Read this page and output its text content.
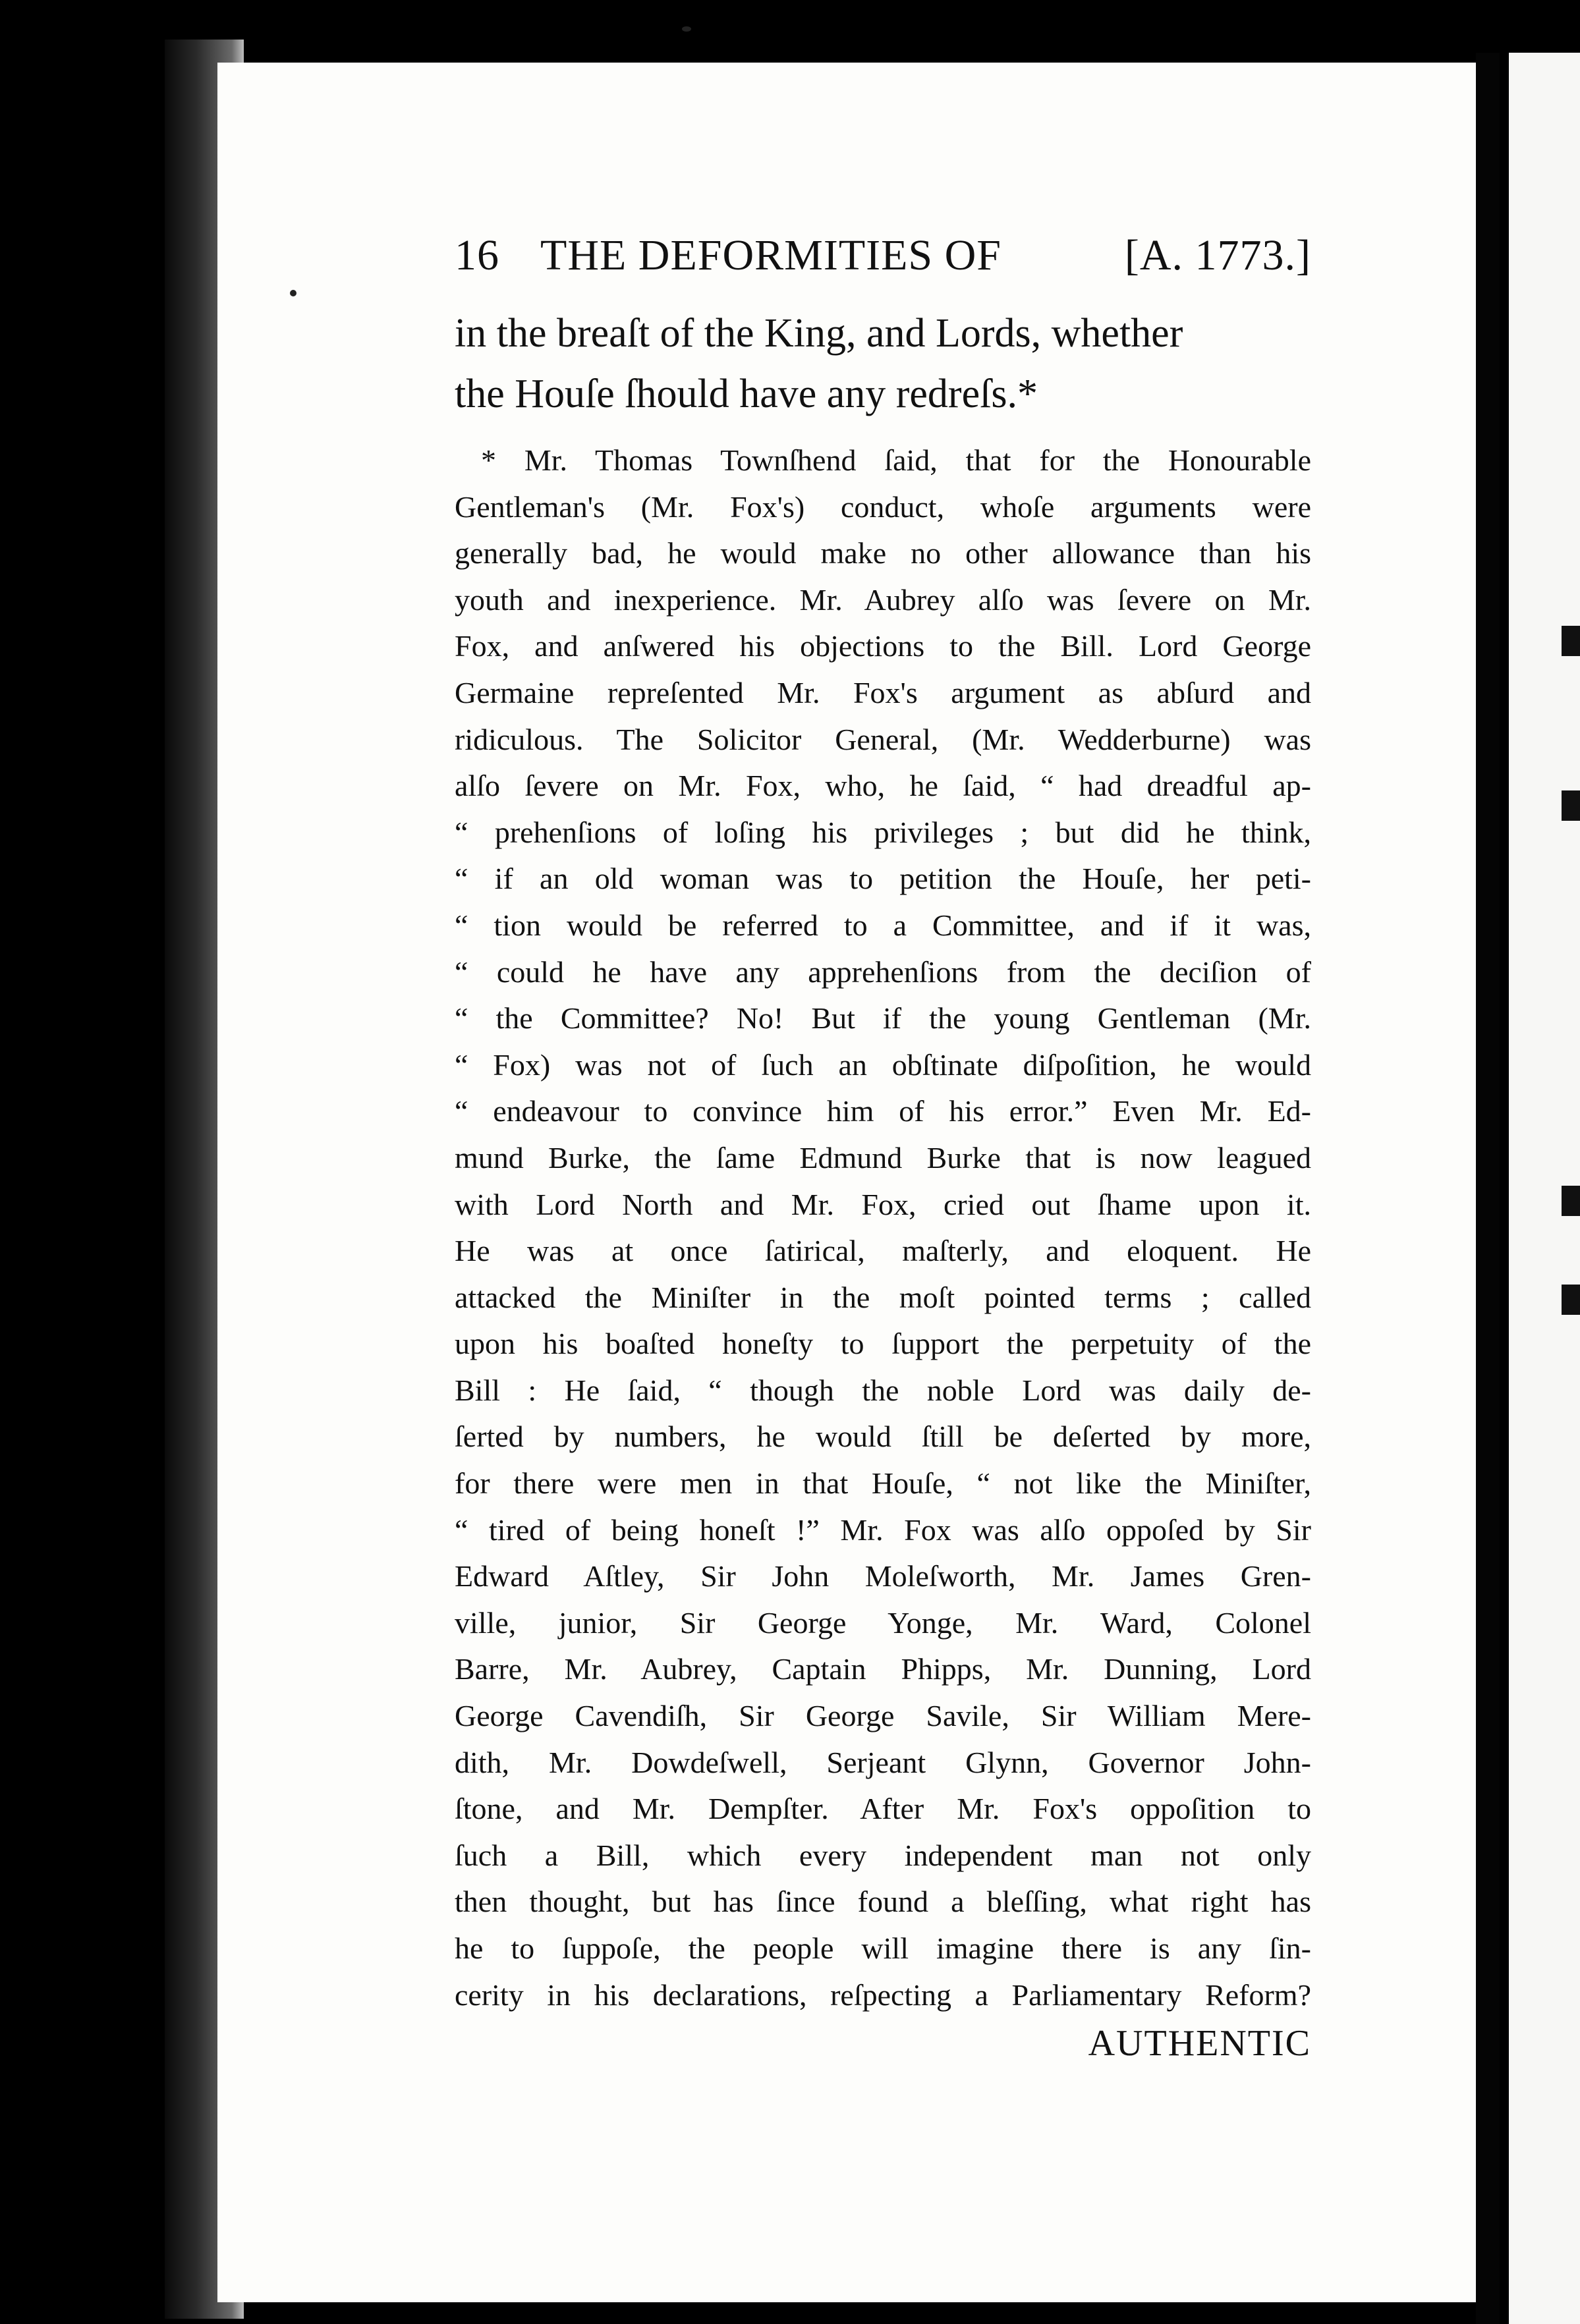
16 THE DEFORMITIES OF	[A. 1773.]
in the breaſt of the King, and Lords, whether
the Houſe ſhould have any redreſs.*
* Mr. Thomas Townſhend ſaid, that for the Honourable
Gentleman's (Mr. Fox's) conduct, whoſe arguments were
generally bad, he would make no other allowance than his
youth and inexperience. Mr. Aubrey alſo was ſevere on Mr.
Fox, and anſwered his objections to the Bill. Lord George
Germaine repreſented Mr. Fox's argument as abſurd and
ridiculous. The Solicitor General, (Mr. Wedderburne) was
alſo ſevere on Mr. Fox, who, he ſaid, “ had dreadful ap-
“ prehenſions of loſing his privileges ; but did he think,
“ if an old woman was to petition the Houſe, her peti-
“ tion would be referred to a Committee, and if it was,
“ could he have any apprehenſions from the deciſion of
“ the Committee? No! But if the young Gentleman (Mr.
“ Fox) was not of ſuch an obſtinate diſpoſition, he would
“ endeavour to convince him of his error.” Even Mr. Ed-
mund Burke, the ſame Edmund Burke that is now leagued
with Lord North and Mr. Fox, cried out ſhame upon it.
He was at once ſatirical, maſterly, and eloquent. He
attacked the Miniſter in the moſt pointed terms ; called
upon his boaſted honeſty to ſupport the perpetuity of the
Bill : He ſaid, “ though the noble Lord was daily de-
ſerted by numbers, he would ſtill be deſerted by more,
for there were men in that Houſe, “ not like the Miniſter,
“ tired of being honeſt !” Mr. Fox was alſo oppoſed by Sir
Edward Aſtley, Sir John Moleſworth, Mr. James Gren-
ville, junior, Sir George Yonge, Mr. Ward, Colonel
Barre, Mr. Aubrey, Captain Phipps, Mr. Dunning, Lord
George Cavendiſh, Sir George Savile, Sir William Mere-
dith, Mr. Dowdeſwell, Serjeant Glynn, Governor John-
ſtone, and Mr. Dempſter. After Mr. Fox's oppoſition to
ſuch a Bill, which every independent man not only
then thought, but has ſince found a bleſſing, what right has
he to ſuppoſe, the people will imagine there is any ſin-
cerity in his declarations, reſpecting a Parliamentary Reform?
AUTHENTIC
